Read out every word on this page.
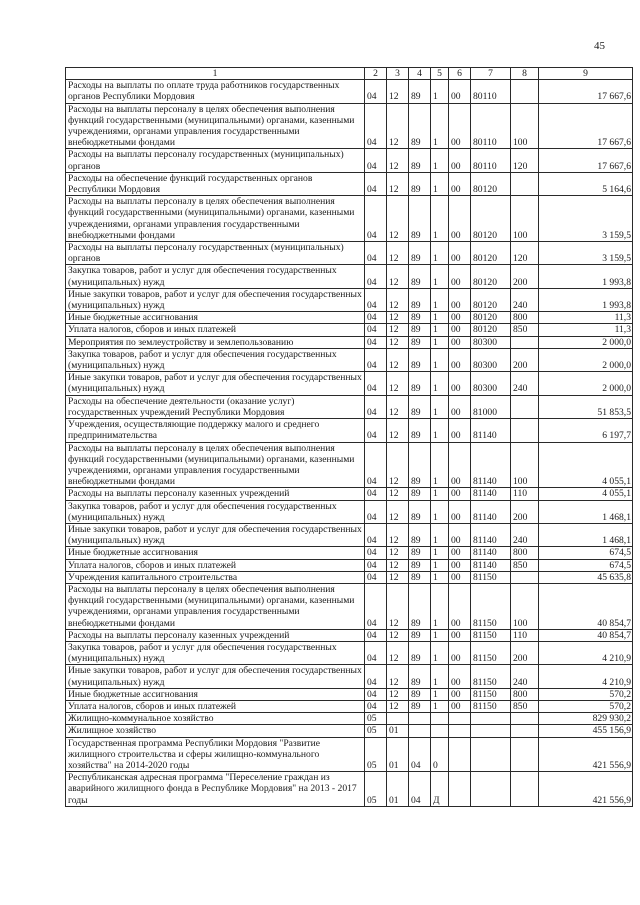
45
1	2	3	4	5	6	7	8	9
Расходы на выплаты по оплате труда работников государственных органов Республики Мордовия	04	12	89	1	00	80110		17 667,6
Расходы на выплаты персоналу в целях обеспечения выполнения функций государственными (муниципальными) органами, казенными учреждениями, органами управления государственными внебюджетными фондами	04	12	89	1	00	80110	100	17 667,6
Расходы на выплаты персоналу государственных (муниципальных) органов	04	12	89	1	00	80110	120	17 667,6
Расходы на обеспечение функций государственных органов Республики Мордовия	04	12	89	1	00	80120		5 164,6
Расходы на выплаты персоналу в целях обеспечения выполнения функций государственными (муниципальными) органами, казенными учреждениями, органами управления государственными внебюджетными фондами	04	12	89	1	00	80120	100	3 159,5
Расходы на выплаты персоналу государственных (муниципальных) органов	04	12	89	1	00	80120	120	3 159,5
Закупка товаров, работ и услуг для обеспечения государственных (муниципальных) нужд	04	12	89	1	00	80120	200	1 993,8
Иные закупки товаров, работ и услуг для обеспечения государственных (муниципальных) нужд	04	12	89	1	00	80120	240	1 993,8
Иные бюджетные ассигнования	04	12	89	1	00	80120	800	11,3
Уплата налогов, сборов и иных платежей	04	12	89	1	00	80120	850	11,3
Мероприятия по землеустройству и землепользованию	04	12	89	1	00	80300		2 000,0
Закупка товаров, работ и услуг для обеспечения государственных (муниципальных) нужд	04	12	89	1	00	80300	200	2 000,0
Иные закупки товаров, работ и услуг для обеспечения государственных (муниципальных) нужд	04	12	89	1	00	80300	240	2 000,0
Расходы на обеспечение деятельности (оказание услуг) государственных учреждений Республики Мордовия	04	12	89	1	00	81000		51 853,5
Учреждения, осуществляющие поддержку малого и среднего предпринимательства	04	12	89	1	00	81140		6 197,7
Расходы на выплаты персоналу в целях обеспечения выполнения функций государственными (муниципальными) органами, казенными учреждениями, органами управления государственными внебюджетными фондами	04	12	89	1	00	81140	100	4 055,1
Расходы на выплаты персоналу казенных учреждений	04	12	89	1	00	81140	110	4 055,1
Закупка товаров, работ и услуг для обеспечения государственных (муниципальных) нужд	04	12	89	1	00	81140	200	1 468,1
Иные закупки товаров, работ и услуг для обеспечения государственных (муниципальных) нужд	04	12	89	1	00	81140	240	1 468,1
Иные бюджетные ассигнования	04	12	89	1	00	81140	800	674,5
Уплата налогов, сборов и иных платежей	04	12	89	1	00	81140	850	674,5
Учреждения капитального строительства	04	12	89	1	00	81150		45 635,8
Расходы на выплаты персоналу в целях обеспечения выполнения функций государственными (муниципальными) органами, казенными учреждениями, органами управления государственными внебюджетными фондами	04	12	89	1	00	81150	100	40 854,7
Расходы на выплаты персоналу казенных учреждений	04	12	89	1	00	81150	110	40 854,7
Закупка товаров, работ и услуг для обеспечения государственных (муниципальных) нужд	04	12	89	1	00	81150	200	4 210,9
Иные закупки товаров, работ и услуг для обеспечения государственных (муниципальных) нужд	04	12	89	1	00	81150	240	4 210,9
Иные бюджетные ассигнования	04	12	89	1	00	81150	800	570,2
Уплата налогов, сборов и иных платежей	04	12	89	1	00	81150	850	570,2
Жилищно-коммунальное хозяйство	05							829 930,2
Жилищное хозяйство	05	01						455 156,9
Государственная программа Республики Мордовия "Развитие жилищного строительства и сферы жилищно-коммунального хозяйства" на 2014-2020 годы	05	01	04	0				421 556,9
Республиканская адресная программа "Переселение граждан из аварийного жилищного фонда в Республике Мордовия" на 2013 - 2017 годы	05	01	04	Д				421 556,9
